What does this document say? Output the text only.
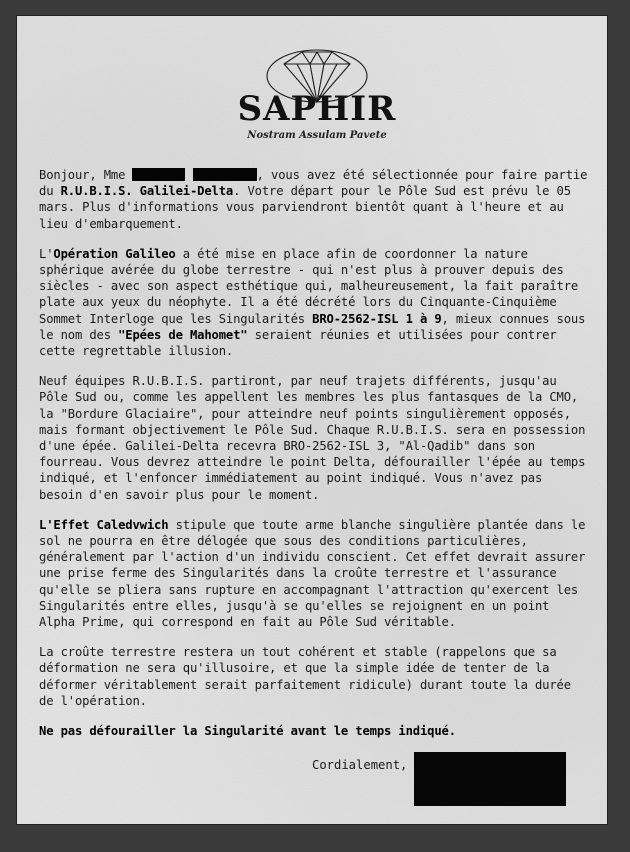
SAPHIR
Nostram Assulam Pavete

Bonjour, Mme  	, vous avez été sélectionnée pour faire partie du R.U.B.I.S. Galilei-Delta. Votre départ pour le Pôle Sud est prévu le 05 mars. Plus d'informations vous parviendront bientôt quant à l'heure et au lieu d'embarquement.

L'Opération Galileo a été mise en place afin de coordonner la nature sphérique avérée du globe terrestre - qui n'est plus à prouver depuis des siècles - avec son aspect esthétique qui, malheureusement, la fait paraître plate aux yeux du néophyte. Il a été décrété lors du Cinquante-Cinquième Sommet Interloge que les Singularités BRO-2562-ISL 1 à 9, mieux connues sous le nom des "Epées de Mahomet" seraient réunies et utilisées pour contrer cette regrettable illusion.

Neuf équipes R.U.B.I.S. partiront, par neuf trajets différents, jusqu'au Pôle Sud ou, comme les appellent les membres les plus fantasques de la CMO, la "Bordure Glaciaire", pour atteindre neuf points singulièrement opposés, mais formant objectivement le Pôle Sud. Chaque R.U.B.I.S. sera en possession d'une épée. Galilei-Delta recevra BRO-2562-ISL 3, "Al-Qadib" dans son fourreau. Vous devrez atteindre le point Delta, défourailler l'épée au temps indiqué, et l'enfoncer immédiatement au point indiqué. Vous n'avez pas besoin d'en savoir plus pour le moment.

L'Effet Caledvwich stipule que toute arme blanche singulière plantée dans le sol ne pourra en être délogée que sous des conditions particulières, généralement par l'action d'un individu conscient. Cet effet devrait assurer une prise ferme des Singularités dans la croûte terrestre et l'assurance qu'elle se pliera sans rupture en accompagnant l'attraction qu'exercent les Singularités entre elles, jusqu'à se qu'elles se rejoignent en un point Alpha Prime, qui correspond en fait au Pôle Sud véritable.

La croûte terrestre restera un tout cohérent et stable (rappelons que sa déformation ne sera qu'illusoire, et que la simple idée de tenter de la déformer véritablement serait parfaitement ridicule) durant toute la durée de l'opération.

Ne pas défourailler la Singularité avant le temps indiqué.

Cordialement,
